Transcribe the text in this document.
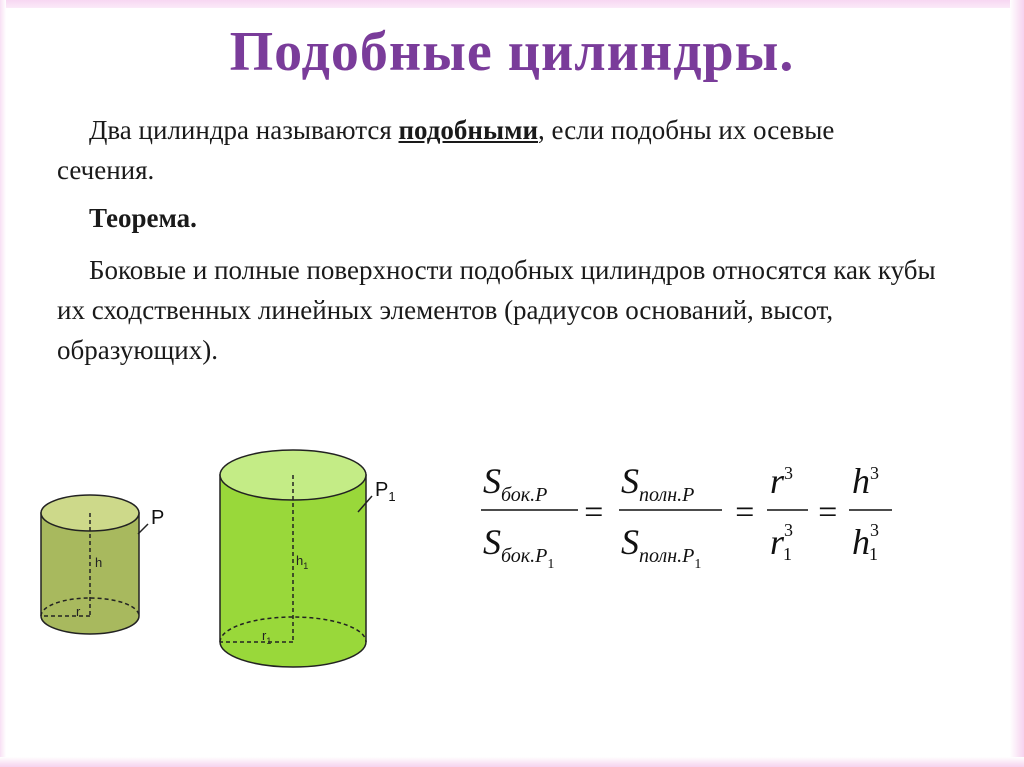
Подобные цилиндры.
Два цилиндра называются подобными, если подобны их осевые сечения.
Теорема.
Боковые и полные поверхности подобных цилиндров относятся как кубы их сходственных линейных элементов (радиусов оснований, высот, образующих).
h
r
P
$h_1$
$r_1$
$P_1$ $S_{бок.}P$
$S_{бок.}P1$
=
$S_{полн.}P$
$S_{полн.}P1$
=
$r^3$
$r^3$ 1
=
$h^3$
$h^3$ 1
